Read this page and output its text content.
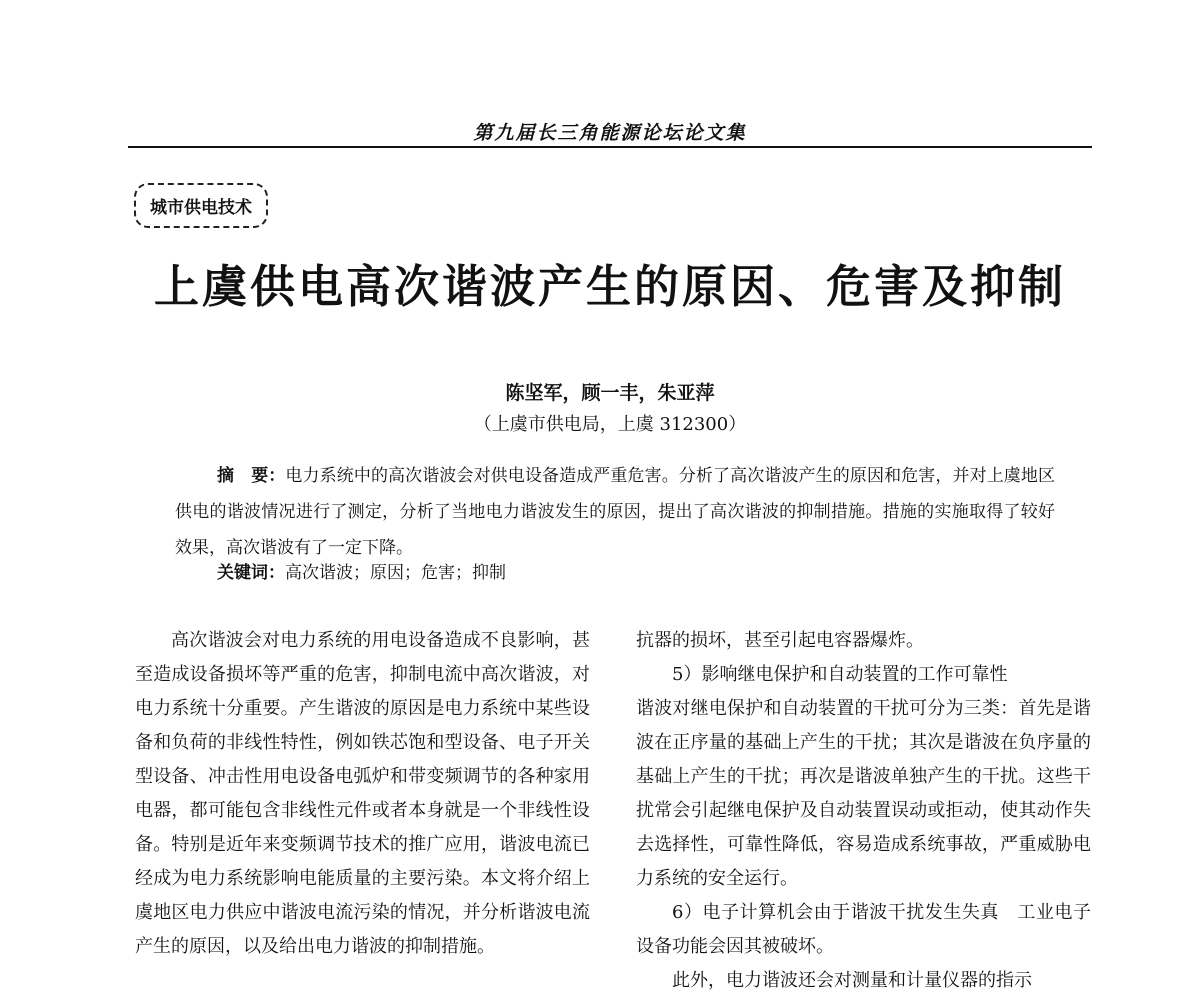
第九届长三角能源论坛论文集
城市供电技术
上虞供电高次谐波产生的原因、危害及抑制
陈坚军，顾一丰，朱亚萍
（上虞市供电局，上虞 312300）
摘　要：电力系统中的高次谐波会对供电设备造成严重危害。分析了高次谐波产生的原因和危害，并对上虞地区供电的谐波情况进行了测定，分析了当地电力谐波发生的原因，提出了高次谐波的抑制措施。措施的实施取得了较好效果，高次谐波有了一定下降。
关键词：高次谐波；原因；危害；抑制

高次谐波会对电力系统的用电设备造成不良影响，甚至造成设备损坏等严重的危害，抑制电流中高次谐波，对电力系统十分重要。产生谐波的原因是电力系统中某些设备和负荷的非线性特性，例如铁芯饱和型设备、电子开关型设备、冲击性用电设备电弧炉和带变频调节的各种家用电器，都可能包含非线性元件或者本身就是一个非线性设备。特别是近年来变频调节技术的推广应用，谐波电流已经成为电力系统影响电能质量的主要污染。本文将介绍上虞地区电力供应中谐波电流污染的情况，并分析谐波电流产生的原因，以及给出电力谐波的抑制措施。

抗器的损坏，甚至引起电容器爆炸。

5）影响继电保护和自动装置的工作可靠性

谐波对继电保护和自动装置的干扰可分为三类：首先是谐波在正序量的基础上产生的干扰；其次是谐波在负序量的基础上产生的干扰；再次是谐波单独产生的干扰。这些干扰常会引起继电保护及自动装置误动或拒动，使其动作失去选择性，可靠性降低，容易造成系统事故，严重威胁电力系统的安全运行。

6）电子计算机会由于谐波干扰发生失真　工业电子设备功能会因其被破坏。

此外，电力谐波还会对测量和计量仪器的指示
